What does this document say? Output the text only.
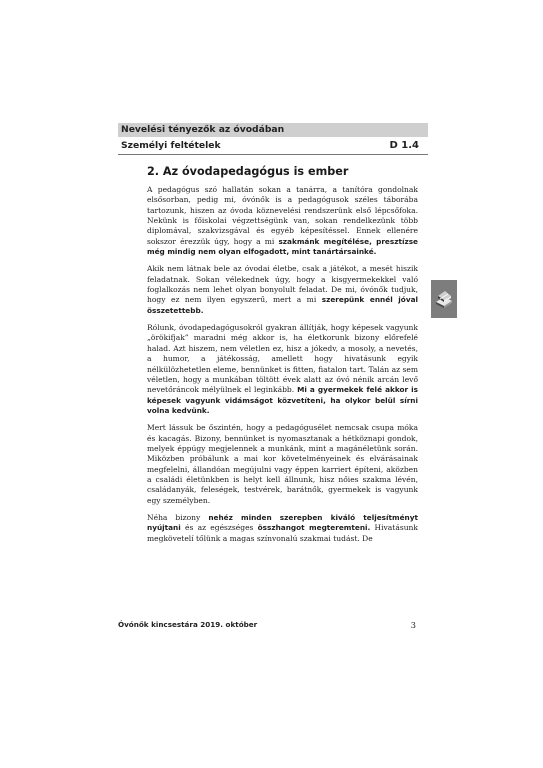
Nevelési tényezők az óvodában
Személyi feltételek	D 1.4
2. Az óvodapedagógus is ember

A pedagógus szó hallatán sokan a tanárra, a tanítóra gondolnak elsősorban, pedig mi, óvónők is a pedagógusok széles táborába tartozunk, hiszen az óvoda köznevelési rendszerünk első lépcsőfoka. Nekünk is főiskolai végzettségünk van, sokan rendelkezünk több diplomával, szakvizsgával és egyéb képesítéssel. Ennek ellenére sokszor érezzük úgy, hogy a mi szakmánk megítélése, presztízse még mindig nem olyan elfogadott, mint tanártársainké.

Akik nem látnak bele az óvodai életbe, csak a játékot, a mesét hiszik feladatnak. Sokan vélekednek úgy, hogy a kisgyermekekkel való foglalkozás nem lehet olyan bonyolult feladat. De mi, óvónők tudjuk, hogy ez nem ilyen egyszerű, mert a mi szerepünk ennél jóval összetettebb.

Rólunk, óvodapedagógusokról gyakran állítják, hogy képesek vagyunk „örökifjak” maradni még akkor is, ha életkorunk bizony előrefelé halad. Azt hiszem, nem véletlen ez, hisz a jókedv, a mosoly, a nevetés, a humor, a játékosság, amellett hogy hivatásunk egyik nélkülözhetetlen eleme, bennünket is fitten, fiatalon tart. Talán az sem véletlen, hogy a munkában töltött évek alatt az óvó nénik arcán levő nevetőráncok mélyülnek el leginkább. Mi a gyermekek felé akkor is képesek vagyunk vidámságot közvetíteni, ha olykor belül sírni volna kedvünk.

Mert lássuk be őszintén, hogy a pedagógusélet nemcsak csupa móka és kacagás. Bizony, bennünket is nyomasztanak a hétköznapi gondok, melyek éppúgy megjelennek a munkánk, mint a magánéletünk során. Miközben próbálunk a mai kor követelményeinek és elvárásainak megfelelni, állandóan megújulni vagy éppen karriert építeni, aközben a családi életünkben is helyt kell állnunk, hisz nőies szakma lévén, családanyák, feleségek, testvérek, barátnők, gyermekek is vagyunk egy személyben.

Néha bizony nehéz minden szerepben kiváló teljesítményt nyújtani és az egészséges összhangot megteremteni. Hivatásunk megkövetelí tőlünk a magas színvonalú szakmai tudást. De

Óvónők kincsestára 2019. október	3
